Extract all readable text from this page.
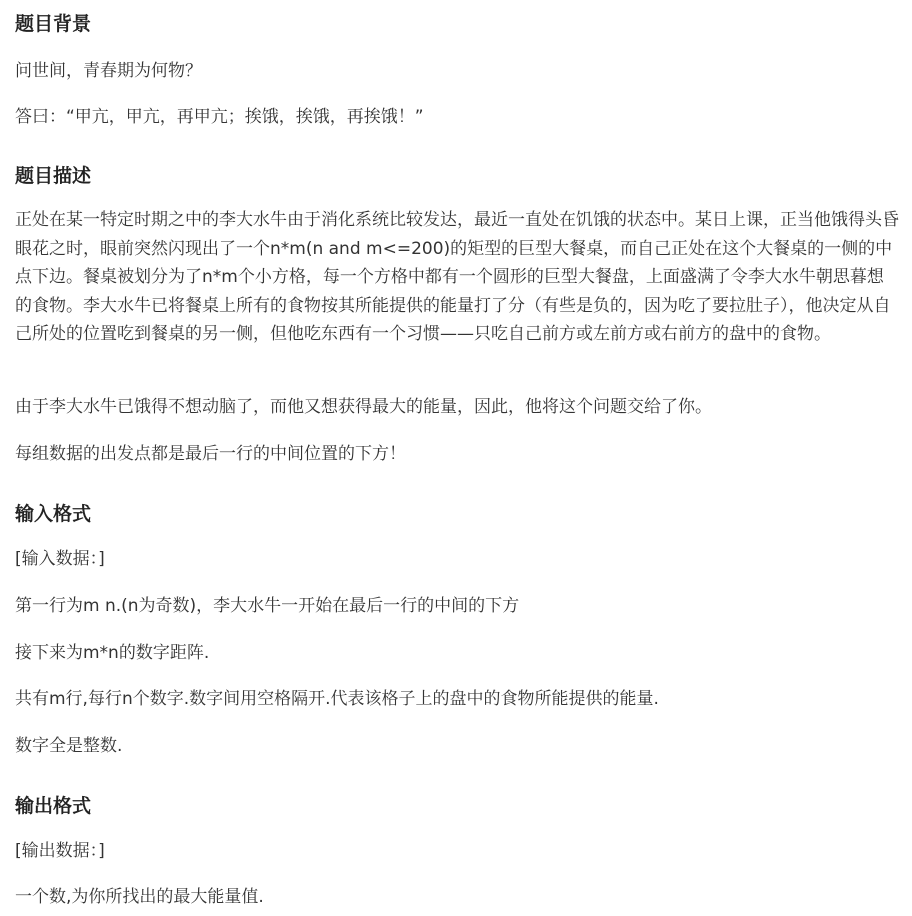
题目背景
问世间，青春期为何物？
答曰：“甲亢，甲亢，再甲亢；挨饿，挨饿，再挨饿！”
题目描述
正处在某一特定时期之中的李大水牛由于消化系统比较发达，最近一直处在饥饿的状态中。某日上课，正当他饿得头昏眼花之时，眼前突然闪现出了一个n*m(n and m<=200)的矩型的巨型大餐桌，而自己正处在这个大餐桌的一侧的中点下边。餐桌被划分为了n*m个小方格，每一个方格中都有一个圆形的巨型大餐盘，上面盛满了令李大水牛朝思暮想的食物。李大水牛已将餐桌上所有的食物按其所能提供的能量打了分（有些是负的，因为吃了要拉肚子），他决定从自己所处的位置吃到餐桌的另一侧，但他吃东西有一个习惯——只吃自己前方或左前方或右前方的盘中的食物。
由于李大水牛已饿得不想动脑了，而他又想获得最大的能量，因此，他将这个问题交给了你。
每组数据的出发点都是最后一行的中间位置的下方！
输入格式
[输入数据：]
第一行为m n.(n为奇数)，李大水牛一开始在最后一行的中间的下方
接下来为m*n的数字距阵.
共有m行,每行n个数字.数字间用空格隔开.代表该格子上的盘中的食物所能提供的能量.
数字全是整数.
输出格式
[输出数据：]
一个数,为你所找出的最大能量值.
